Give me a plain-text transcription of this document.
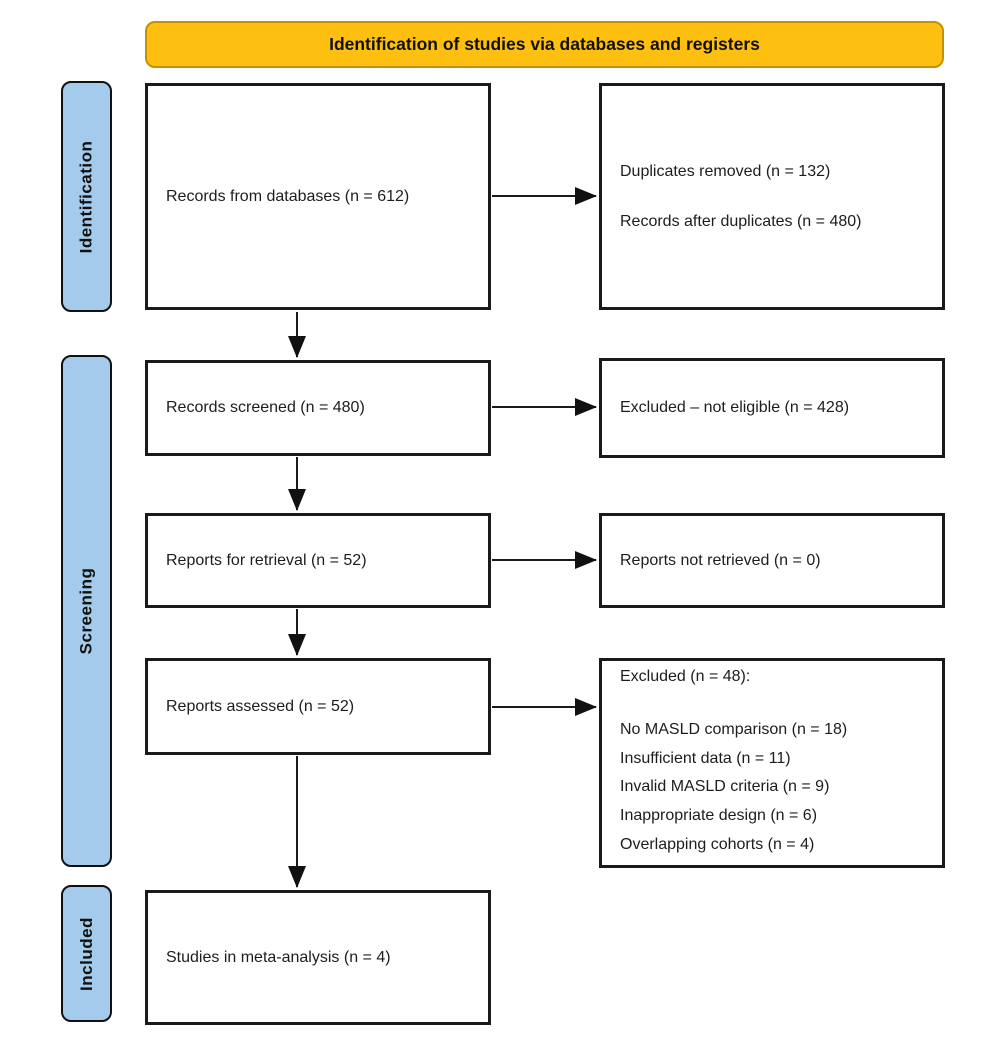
Identification of studies via databases and registers
Identification
Screening
Included

Records from databases (n = 612)

Duplicates removed (n = 132)

Records after duplicates (n = 480)

Records screened (n = 480)	Excluded – not eligible (n = 428)

Reports for retrieval (n = 52)	Reports not retrieved (n = 0)

Reports assessed (n = 52)

Excluded (n = 48):

No MASLD comparison (n = 18)

Insufficient data (n = 11)

Invalid MASLD criteria (n = 9)

Inappropriate design (n = 6)

Overlapping cohorts (n = 4)

Studies in meta-analysis (n = 4)
